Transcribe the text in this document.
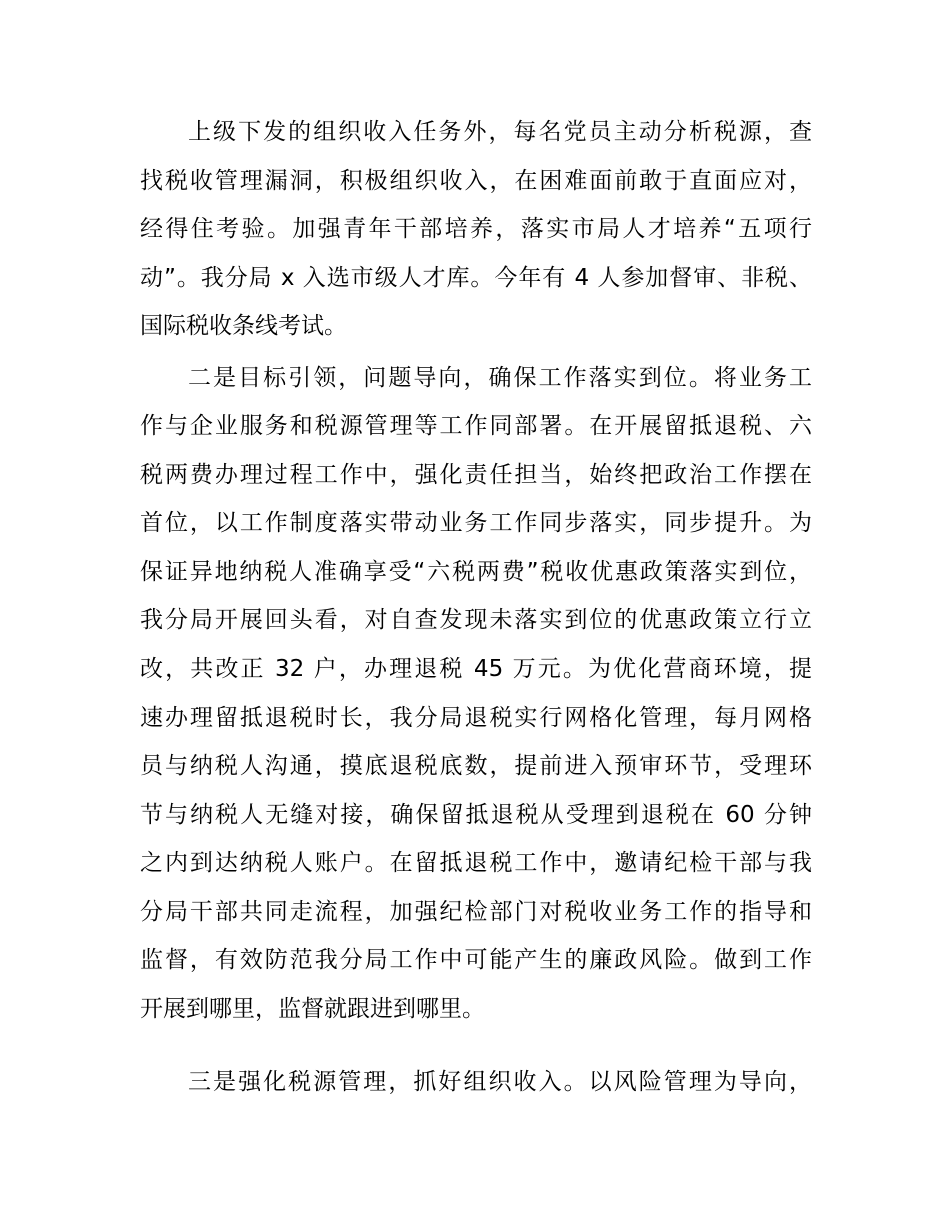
上级下发的组织收入任务外，每名党员主动分析税源，查
找税收管理漏洞，积极组织收入，在困难面前敢于直面应对，
经得住考验。加强青年干部培养，落实市局人才培养“五项行
动”。我分局 x 入选市级人才库。今年有 4 人参加督审、非税、
国际税收条线考试。
二是目标引领，问题导向，确保工作落实到位。将业务工
作与企业服务和税源管理等工作同部署。在开展留抵退税、六
税两费办理过程工作中，强化责任担当，始终把政治工作摆在
首位，以工作制度落实带动业务工作同步落实，同步提升。为
保证异地纳税人准确享受“六税两费”税收优惠政策落实到位，
我分局开展回头看，对自查发现未落实到位的优惠政策立行立
改，共改正 32 户，办理退税 45 万元。为优化营商环境，提
速办理留抵退税时长，我分局退税实行网格化管理，每月网格
员与纳税人沟通，摸底退税底数，提前进入预审环节，受理环
节与纳税人无缝对接，确保留抵退税从受理到退税在 60 分钟
之内到达纳税人账户。在留抵退税工作中，邀请纪检干部与我
分局干部共同走流程，加强纪检部门对税收业务工作的指导和
监督，有效防范我分局工作中可能产生的廉政风险。做到工作
开展到哪里，监督就跟进到哪里。
三是强化税源管理，抓好组织收入。以风险管理为导向，
